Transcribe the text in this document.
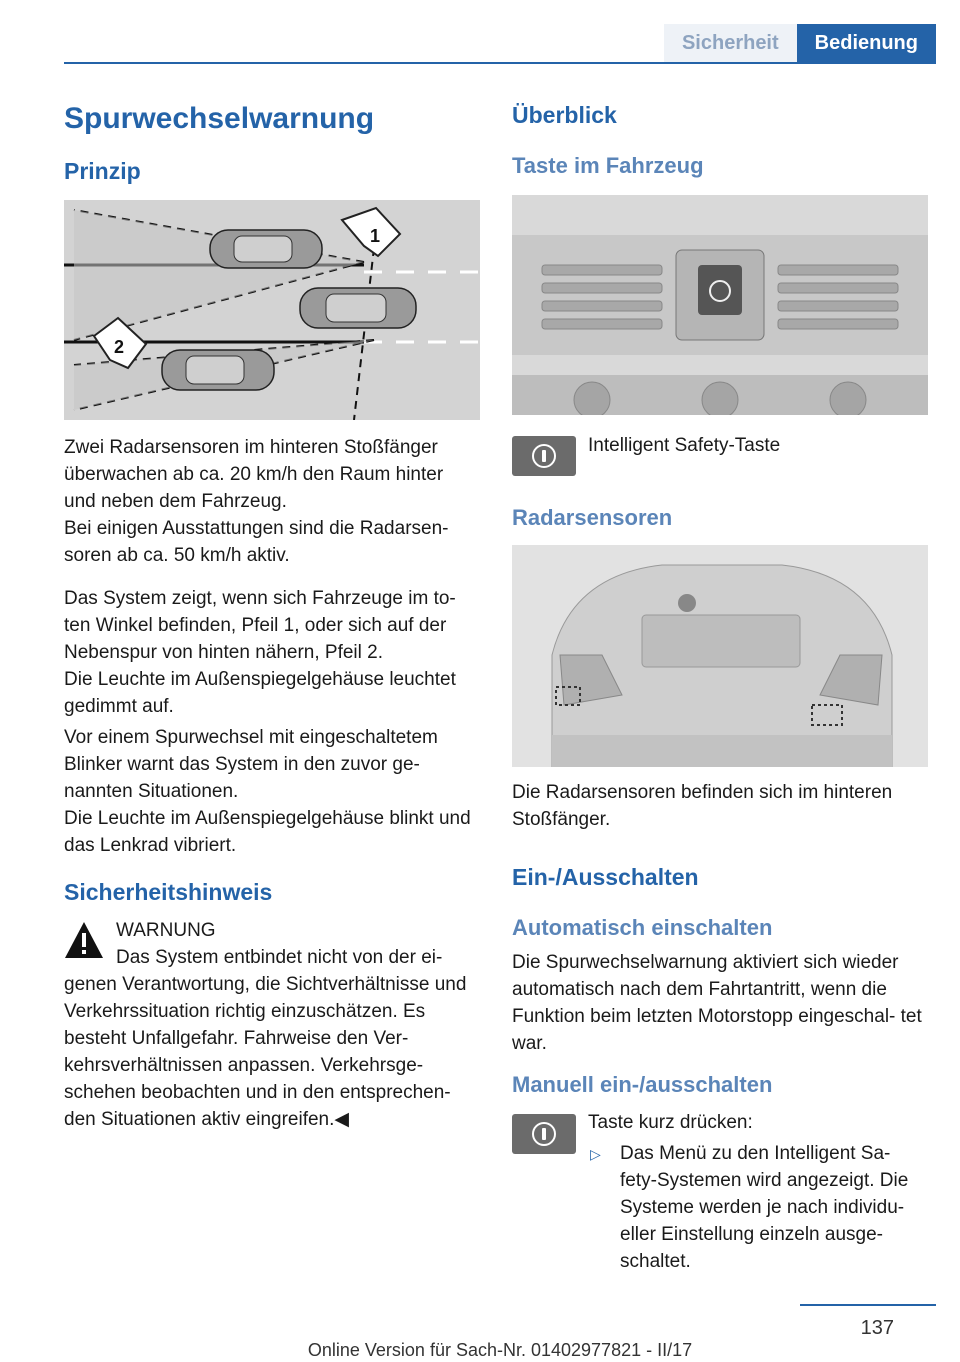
Sicherheit	Bedienung
Spurwechselwarnung
Prinzip
1
2
Zwei Radarsensoren im hinteren Stoßfänger überwachen ab ca. 20 km/h den Raum hinter und neben dem Fahrzeug.
Bei einigen Ausstattungen sind die Radarsen- soren ab ca. 50 km/h aktiv.
Das System zeigt, wenn sich Fahrzeuge im to- ten Winkel befinden, Pfeil 1, oder sich auf der Nebenspur von hinten nähern, Pfeil 2.
Die Leuchte im Außenspiegelgehäuse leuchtet gedimmt auf.
Vor einem Spurwechsel mit eingeschaltetem Blinker warnt das System in den zuvor ge- nannten Situationen.
Die Leuchte im Außenspiegelgehäuse blinkt und das Lenkrad vibriert.
Sicherheitshinweis
WARNUNG
Das System entbindet nicht von der ei-
genen Verantwortung, die Sichtverhältnisse und Verkehrssituation richtig einzuschätzen. Es besteht Unfallgefahr. Fahrweise den Ver- kehrsverhältnissen anpassen. Verkehrsge- schehen beobachten und in den entsprechen- den Situationen aktiv eingreifen.◀
Überblick
Taste im Fahrzeug
Intelligent Safety-Taste
Radarsensoren
Die Radarsensoren befinden sich im hinteren Stoßfänger.
Ein-/Ausschalten
Automatisch einschalten
Die Spurwechselwarnung aktiviert sich wieder automatisch nach dem Fahrtantritt, wenn die Funktion beim letzten Motorstopp eingeschal- tet war.
Manuell ein-/ausschalten
Taste kurz drücken:
▷ Das Menü zu den Intelligent Sa- fety-Systemen wird angezeigt. Die Systeme werden je nach individu- eller Einstellung einzeln ausge- schaltet.
137
Online Version für Sach-Nr. 01402977821 - II/17
